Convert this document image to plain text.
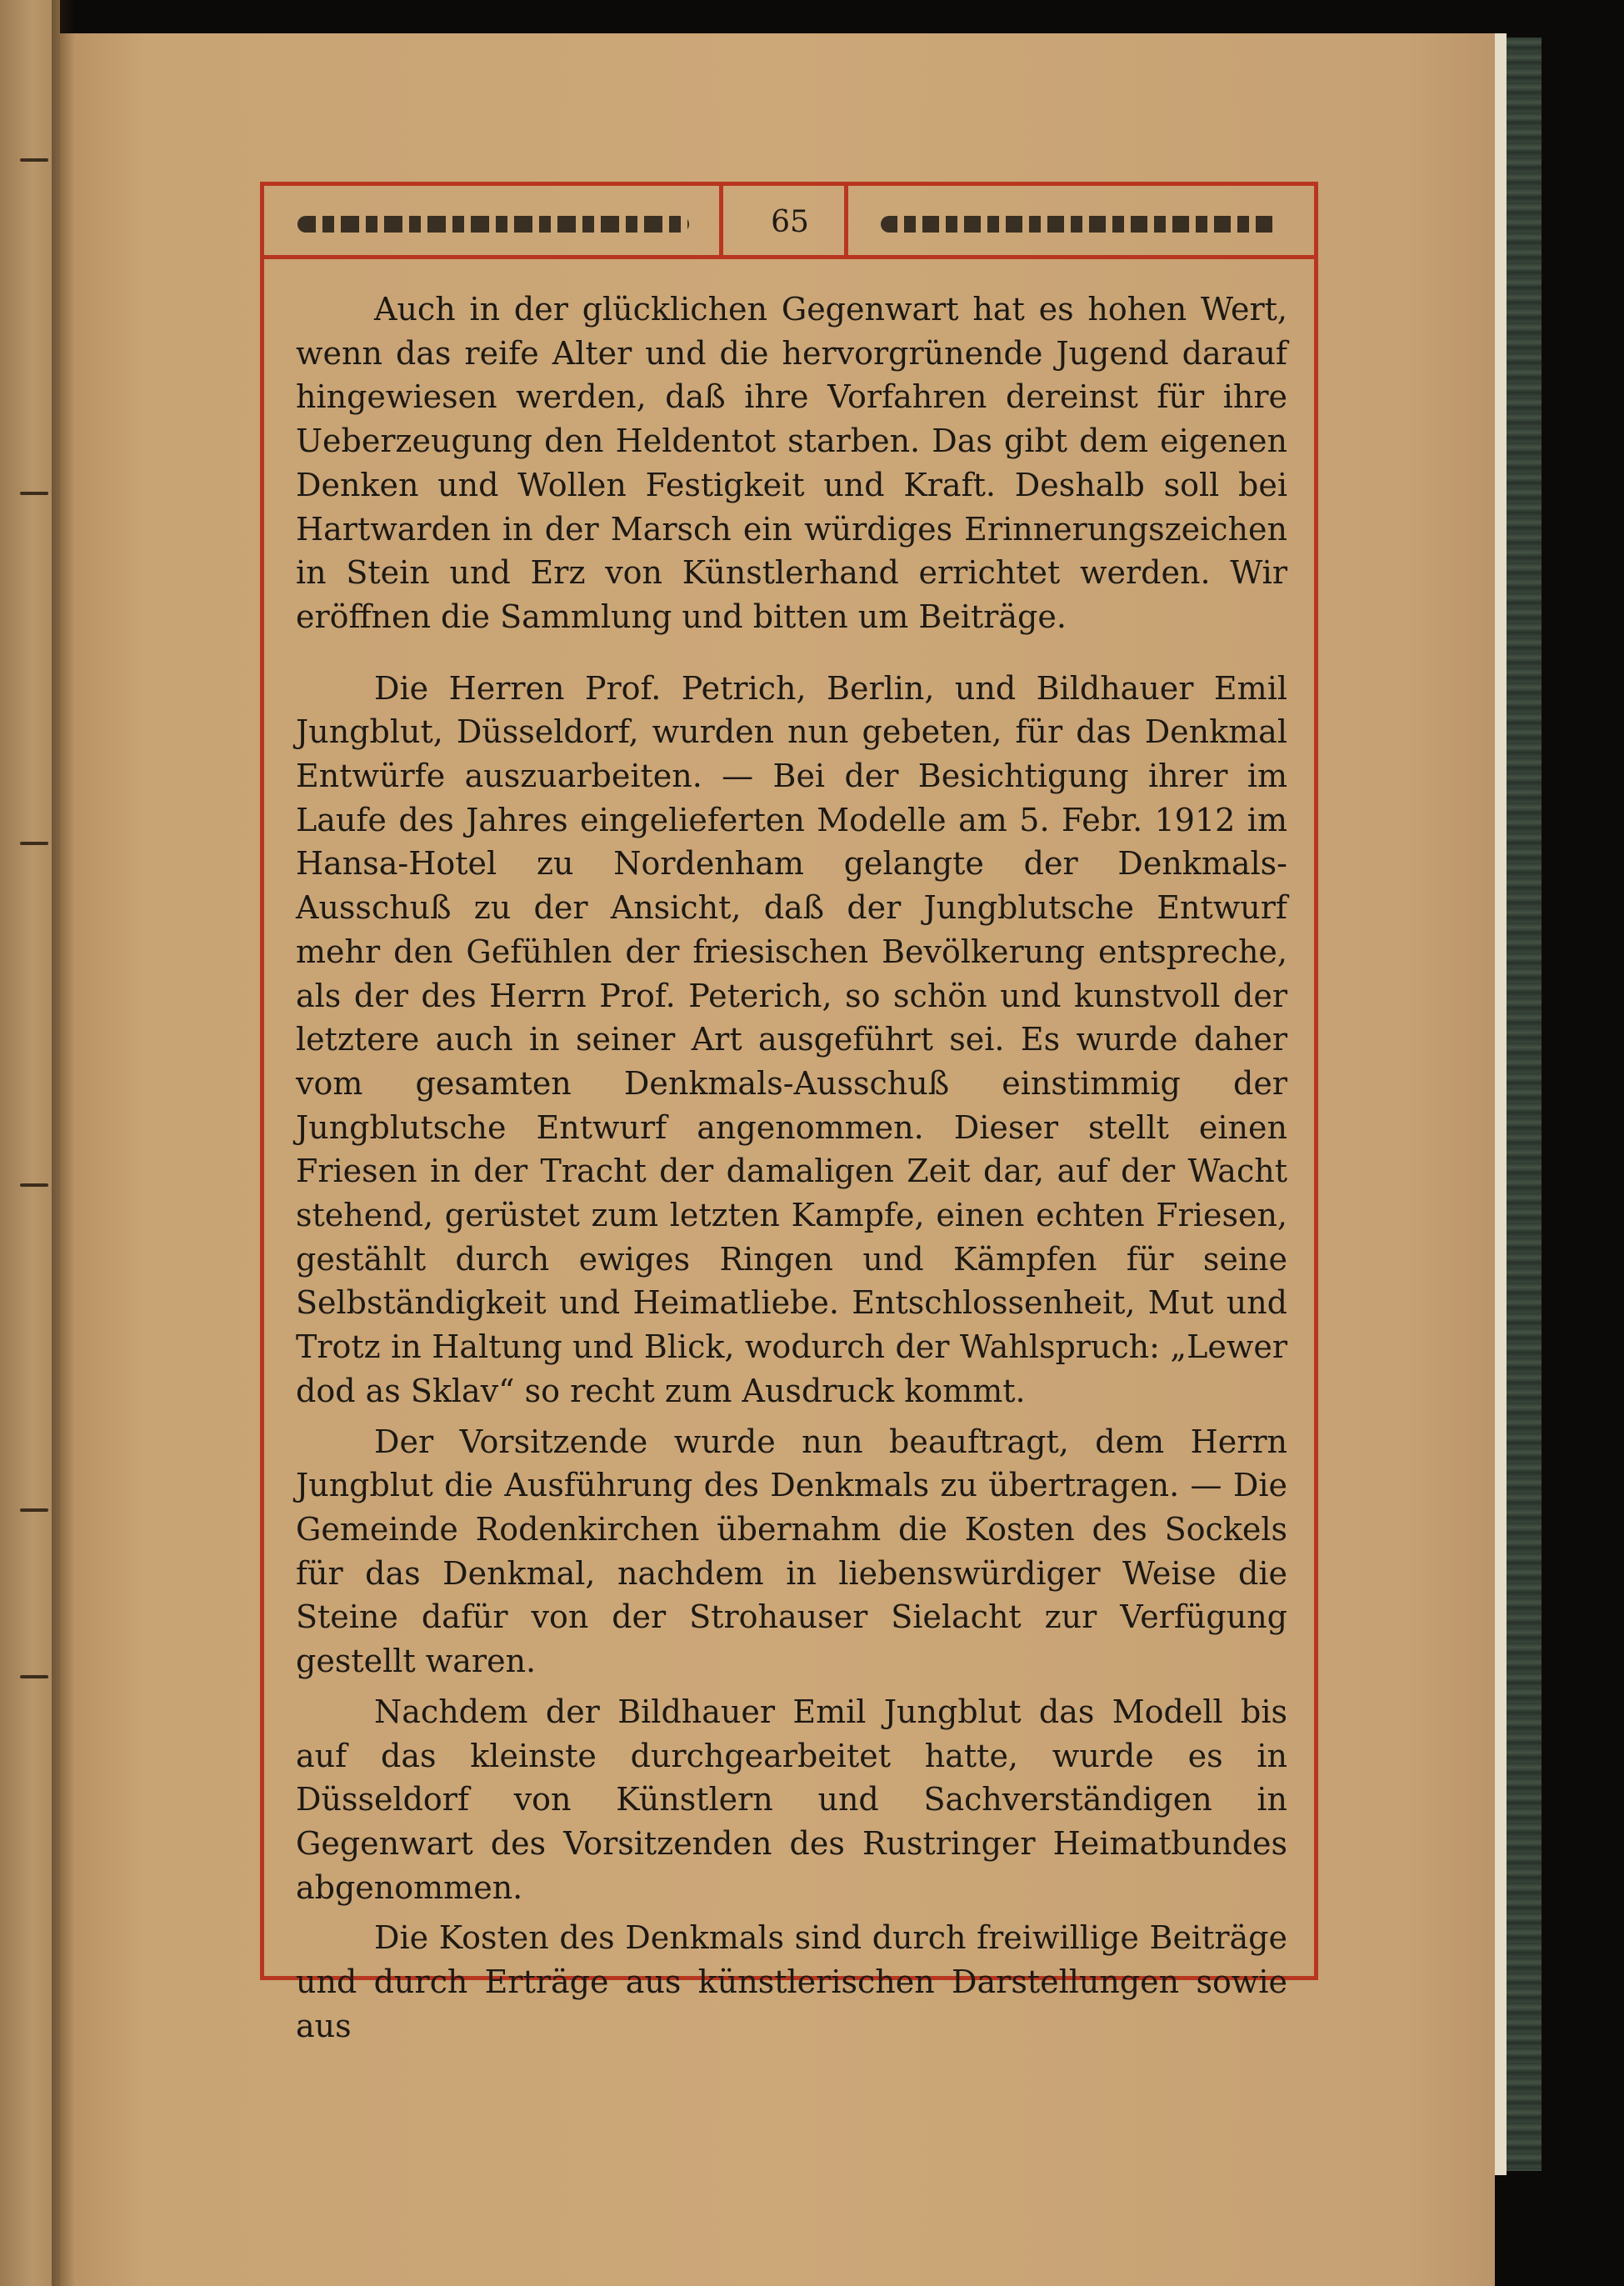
65

Auch in der glücklichen Gegenwart hat es hohen Wert, wenn das reife Alter und die hervorgrünende Jugend darauf hingewiesen werden, daß ihre Vorfahren dereinst für ihre Ueberzeugung den Heldentot starben. Das gibt dem eigenen Denken und Wollen Festigkeit und Kraft. Deshalb soll bei Hartwarden in der Marsch ein würdiges Erinnerungszeichen in Stein und Erz von Künstlerhand errichtet werden. Wir eröffnen die Sammlung und bitten um Beiträge.

Die Herren Prof. Petrich, Berlin, und Bildhauer Emil Jungblut, Düsseldorf, wurden nun gebeten, für das Denkmal Entwürfe auszuarbeiten. — Bei der Besichtigung ihrer im Laufe des Jahres eingelieferten Modelle am 5. Febr. 1912 im Hansa-Hotel zu Nordenham gelangte der Denkmals-Ausschuß zu der Ansicht, daß der Jungblutsche Entwurf mehr den Gefühlen der friesischen Bevölkerung entspreche, als der des Herrn Prof. Peterich, so schön und kunstvoll der letztere auch in seiner Art ausgeführt sei. Es wurde daher vom gesamten Denkmals-Ausschuß einstimmig der Jungblutsche Entwurf angenommen. Dieser stellt einen Friesen in der Tracht der damaligen Zeit dar, auf der Wacht stehend, gerüstet zum letzten Kampfe, einen echten Friesen, gestählt durch ewiges Ringen und Kämpfen für seine Selbständigkeit und Heimatliebe. Entschlossenheit, Mut und Trotz in Haltung und Blick, wodurch der Wahlspruch: „Lewer dod as Sklav“ so recht zum Ausdruck kommt.

Der Vorsitzende wurde nun beauftragt, dem Herrn Jungblut die Ausführung des Denkmals zu übertragen. — Die Gemeinde Rodenkirchen übernahm die Kosten des Sockels für das Denkmal, nachdem in liebenswürdiger Weise die Steine dafür von der Strohauser Sielacht zur Verfügung gestellt waren.

Nachdem der Bildhauer Emil Jungblut das Modell bis auf das kleinste durchgearbeitet hatte, wurde es in Düsseldorf von Künstlern und Sachverständigen in Gegenwart des Vorsitzenden des Rustringer Heimatbundes abgenommen.

Die Kosten des Denkmals sind durch freiwillige Beiträge und durch Erträge aus künstlerischen Darstellungen sowie aus
